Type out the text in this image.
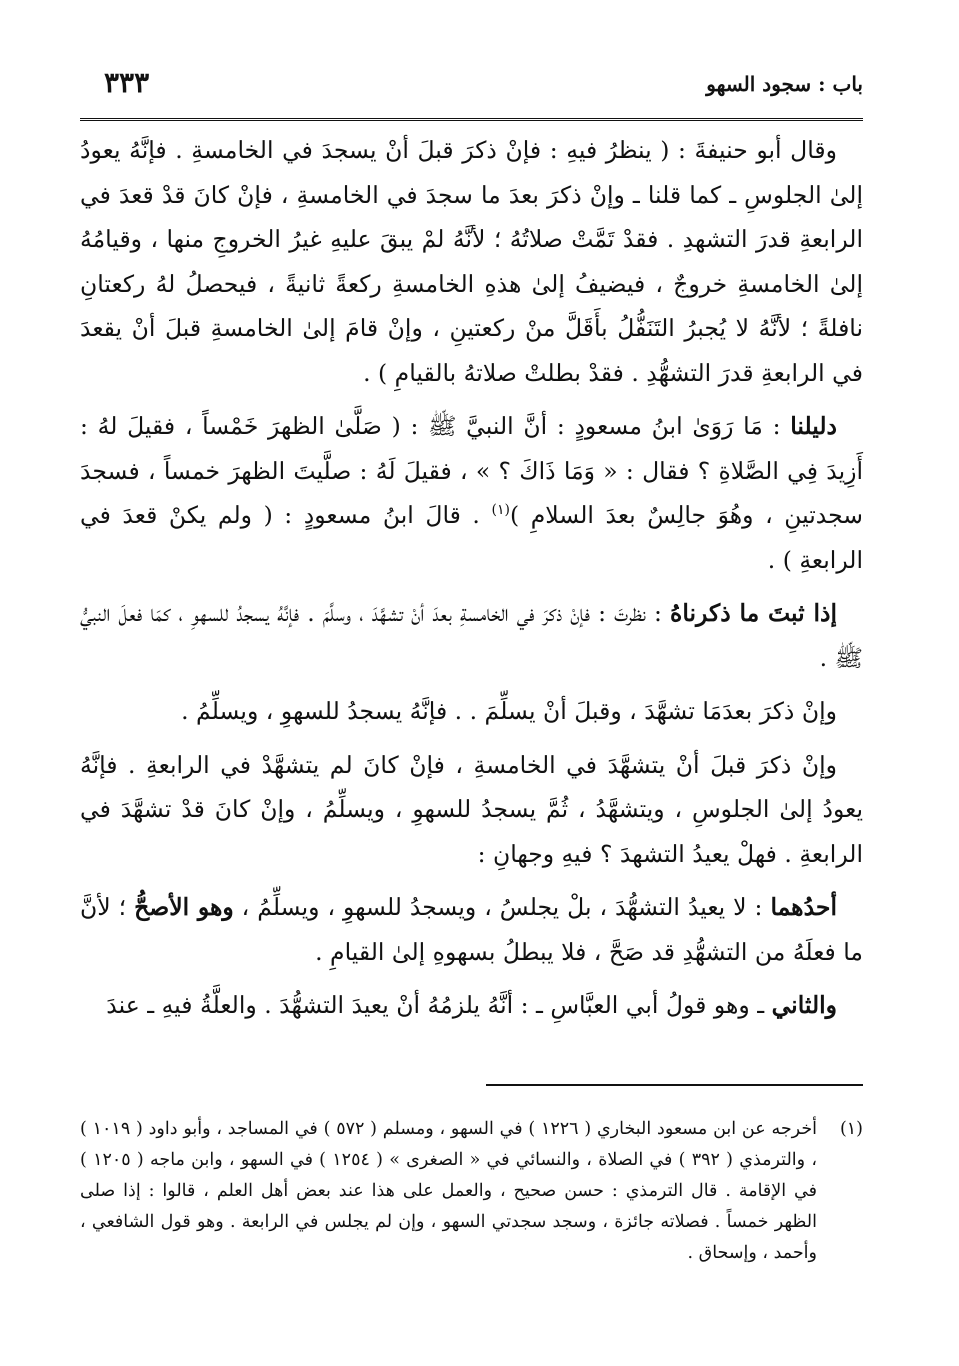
باب : سجود السهو
٣٣٣

وقال أبو حنيفةَ : ( ينظرُ فيهِ : فإنْ ذكرَ قبلَ أنْ يسجدَ في الخامسةِ . فإنَّهُ يعودُ إلىٰ الجلوسِ ـ كما قلنا ـ وإنْ ذكرَ بعدَ ما سجدَ في الخامسةِ ، فإنْ كانَ قدْ قعدَ في الرابعةِ قدرَ التشهدِ . فقدْ تَمَّتْ صلاتُهُ ؛ لأنَّهُ لمْ يبقَ عليهِ غيرُ الخروجِ منها ، وقيامُهُ إلىٰ الخامسةِ خروجٌ ، فيضيفُ إلىٰ هذهِ الخامسةِ ركعةً ثانيةً ، فيحصلُ لهُ ركعتانِ نافلةً ؛ لأنَّهُ لا يُجبرُ التَنَفُّلُ بأَقَلَّ منْ ركعتينِ ، وإنْ قامَ إلىٰ الخامسةِ قبلَ أنْ يقعدَ في الرابعةِ قدرَ التشهُّدِ . فقدْ بطلتْ صلاتهُ بالقيامِ ) .

دليلنا : مَا رَوَىٰ ابنُ مسعودٍ : أنَّ النبيَّ ﷺ : ( صَلَّىٰ الظهرَ خَمْساً ، فقيلَ لهُ : أَزِيدَ فِي الصَّلاةِ ؟ فقال : « وَمَا ذَاكَ ؟ » ، فقيلَ لَهُ : صلَّيتَ الظهرَ خمساً ، فسجدَ سجدتينِ ، وهُوَ جالِسٌ بعدَ السلامِ )$^{(١)}$ . قالَ ابنُ مسعودٍ : ( ولم يكنْ قعدَ في الرابعةِ ) .

إذا ثبتَ ما ذكرناهُ : نظرتَ : فإنْ ذكرَ في الخامسةِ بعدَ أنْ تشهَّدَ ، وسلَّمَ . فإنَّهُ يسجدُ للسهوِ ، كمَا فعلَ النبيُّ ﷺ .

وإنْ ذكرَ بعدَمَا تشهَّدَ ، وقبلَ أنْ يسلِّمَ . . فإنَّهُ يسجدُ للسهوِ ، ويسلِّمُ .

وإنْ ذكرَ قبلَ أنْ يتشهَّدَ في الخامسةِ ، فإنْ كانَ لم يتشهَّدْ في الرابعةِ . فإنَّهُ يعودُ إلىٰ الجلوسِ ، ويتشهَّدُ ، ثُمَّ يسجدُ للسهوِ ، ويسلِّمُ ، وإنْ كانَ قدْ تشهَّدَ في الرابعةِ . فهلْ يعيدُ التشهدَ ؟ فيهِ وجهانِ :

أحدُهما : لا يعيدُ التشهُّدَ ، بلْ يجلسُ ، ويسجدُ للسهوِ ، ويسلِّمُ ، وهو الأصحُّ ؛ لأنَّ ما فعلَهُ من التشهُّدِ قد صَحَّ ، فلا يبطلُ بسهوهِ إلىٰ القيامِ .

والثاني ـ وهو قولُ أبي العبَّاسِ ـ : أنَّهُ يلزمُهُ أنْ يعيدَ التشهُّدَ . والعلَّةُ فيهِ ـ عندَ

(١)
أخرجه عن ابن مسعود البخاري ( ١٢٢٦ ) في السهو ، ومسلم ( ٥٧٢ ) في المساجد ، وأبو داود ( ١٠١٩ ) ، والترمذي ( ٣٩٢ ) في الصلاة ، والنسائي في « الصغرى » ( ١٢٥٤ ) في السهو ، وابن ماجه ( ١٢٠٥ ) في الإقامة . قال الترمذي : حسن صحيح ، والعمل على هذا عند بعض أهل العلم ، قالوا : إذا صلى الظهر خمساً . فصلاته جائزة ، وسجد سجدتي السهو ، وإن لم يجلس في الرابعة . وهو قول الشافعي ، وأحمد ، وإسحاق .
